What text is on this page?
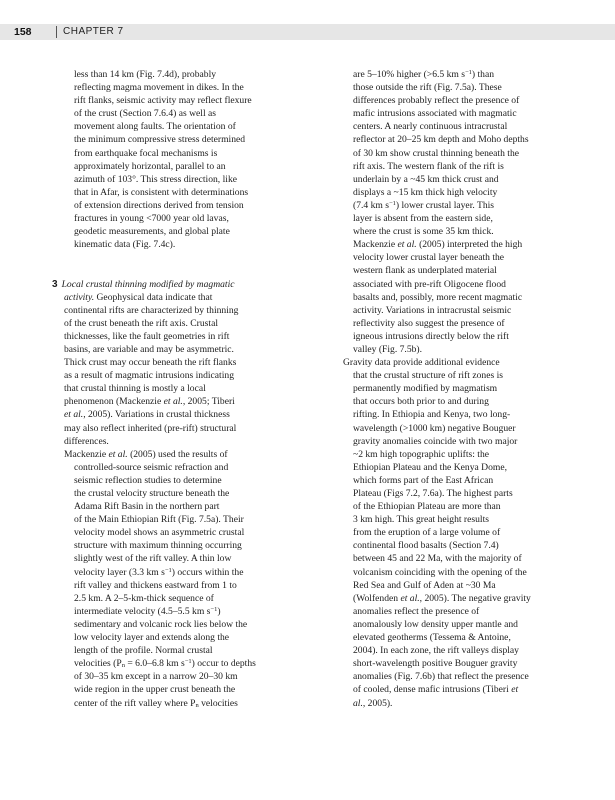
158	CHAPTER 7
less than 14 km (Fig. 7.4d), probably
reflecting magma movement in dikes. In the
rift flanks, seismic activity may reflect flexure
of the crust (Section 7.6.4) as well as
movement along faults. The orientation of
the minimum compressive stress determined
from earthquake focal mechanisms is
approximately horizontal, parallel to an
azimuth of 103°. This stress direction, like
that in Afar, is consistent with determinations
of extension directions derived from tension
fractures in young <7000 year old lavas,
geodetic measurements, and global plate
kinematic data (Fig. 7.4c).
3 Local crustal thinning modified by magmatic
activity. Geophysical data indicate that
continental rifts are characterized by thinning
of the crust beneath the rift axis. Crustal
thicknesses, like the fault geometries in rift
basins, are variable and may be asymmetric.
Thick crust may occur beneath the rift flanks
as a result of magmatic intrusions indicating
that crustal thinning is mostly a local
phenomenon (Mackenzie et al., 2005; Tiberi
et al., 2005). Variations in crustal thickness
may also reflect inherited (pre-rift) structural
differences.
Mackenzie et al. (2005) used the results of
controlled-source seismic refraction and
seismic reflection studies to determine
the crustal velocity structure beneath the
Adama Rift Basin in the northern part
of the Main Ethiopian Rift (Fig. 7.5a). Their
velocity model shows an asymmetric crustal
structure with maximum thinning occurring
slightly west of the rift valley. A thin low
velocity layer (3.3 km $s^{-1}$) occurs within the
rift valley and thickens eastward from 1 to
2.5 km. A 2–5-km-thick sequence of
intermediate velocity (4.5–5.5 km $s^{-1}$)
sedimentary and volcanic rock lies below the
low velocity layer and extends along the
length of the profile. Normal crustal
velocities ($P_n = 6.0-6.8$ km $s^{-1}$) occur to depths
of 30–35 km except in a narrow 20–30 km
wide region in the upper crust beneath the
center of the rift valley where $P_n$ velocities
are 5–10% higher (>6.5 km $s^{-1}$) than
those outside the rift (Fig. 7.5a). These
differences probably reflect the presence of
mafic intrusions associated with magmatic
centers. A nearly continuous intracrustal
reflector at 20–25 km depth and Moho depths
of 30 km show crustal thinning beneath the
rift axis. The western flank of the rift is
underlain by a ~45 km thick crust and
displays a ~15 km thick high velocity
(7.4 km $s^{-1}$) lower crustal layer. This
layer is absent from the eastern side,
where the crust is some 35 km thick.
Mackenzie et al. (2005) interpreted the high
velocity lower crustal layer beneath the
western flank as underplated material
associated with pre-rift Oligocene flood
basalts and, possibly, more recent magmatic
activity. Variations in intracrustal seismic
reflectivity also suggest the presence of
igneous intrusions directly below the rift
valley (Fig. 7.5b).
Gravity data provide additional evidence
that the crustal structure of rift zones is
permanently modified by magmatism
that occurs both prior to and during
rifting. In Ethiopia and Kenya, two long-
wavelength (>1000 km) negative Bouguer
gravity anomalies coincide with two major
~2 km high topographic uplifts: the
Ethiopian Plateau and the Kenya Dome,
which forms part of the East African
Plateau (Figs 7.2, 7.6a). The highest parts
of the Ethiopian Plateau are more than
3 km high. This great height results
from the eruption of a large volume of
continental flood basalts (Section 7.4)
between 45 and 22 Ma, with the majority of
volcanism coinciding with the opening of the
Red Sea and Gulf of Aden at ~30 Ma
(Wolfenden et al., 2005). The negative gravity
anomalies reflect the presence of
anomalously low density upper mantle and
elevated geotherms (Tessema & Antoine,
2004). In each zone, the rift valleys display
short-wavelength positive Bouguer gravity
anomalies (Fig. 7.6b) that reflect the presence
of cooled, dense mafic intrusions (Tiberi et
al., 2005).
